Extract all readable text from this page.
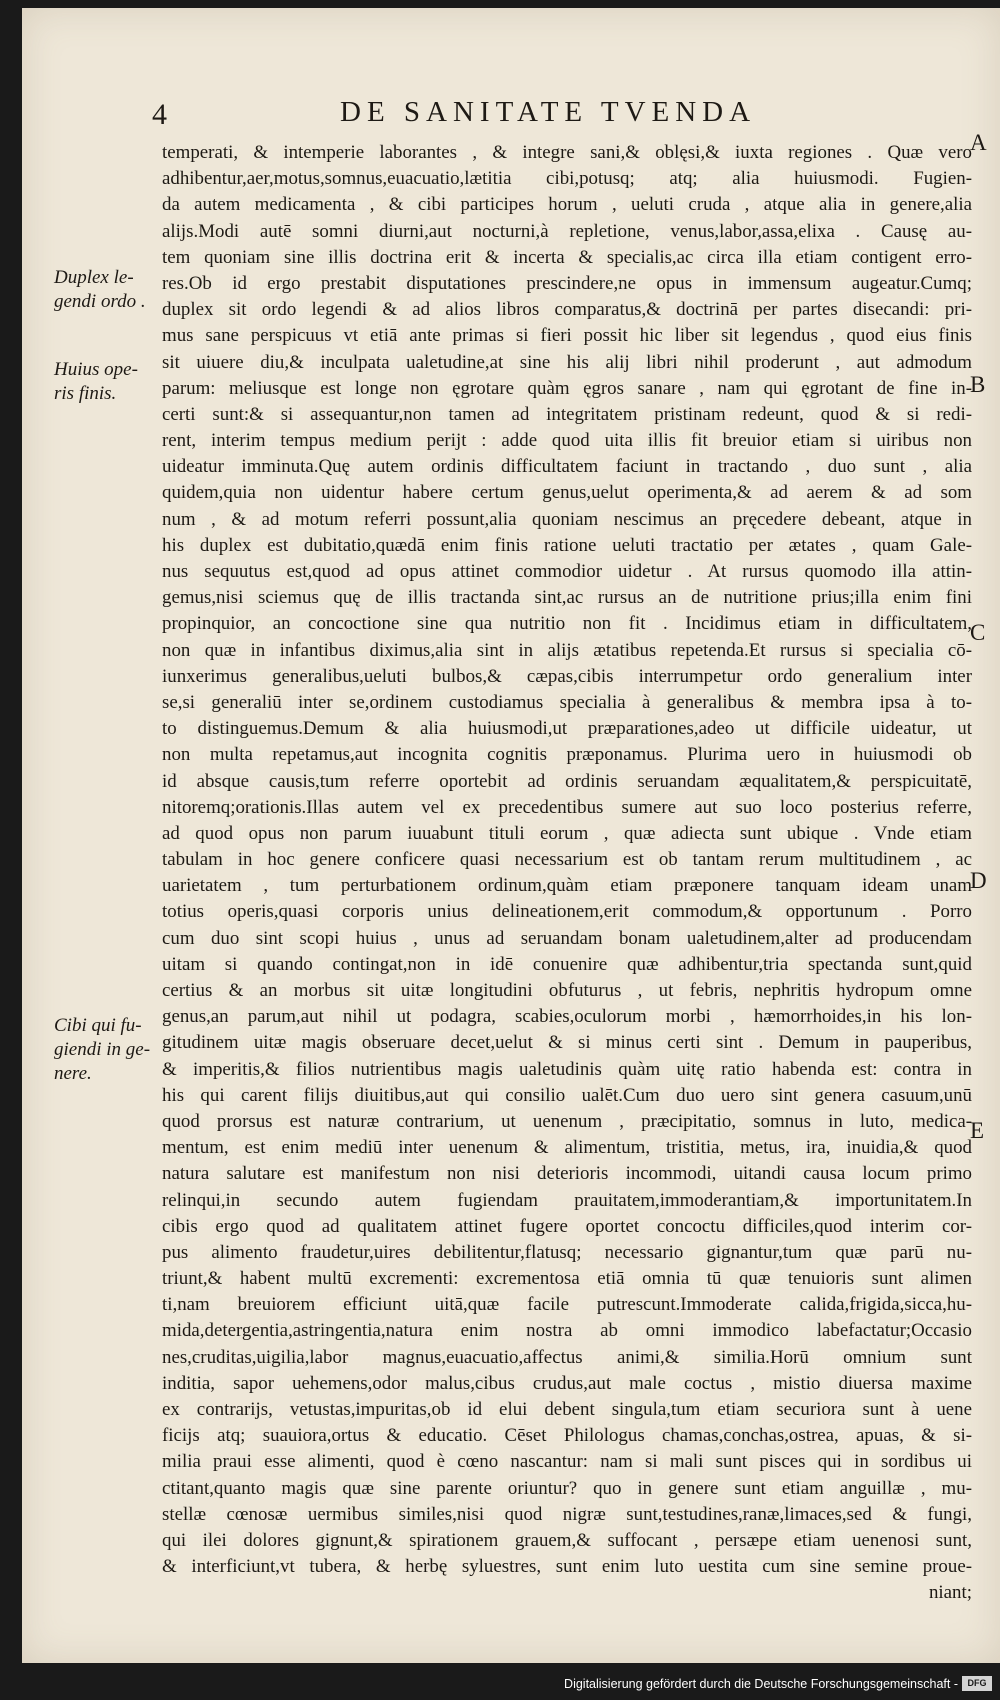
4	DE SANITATE TVENDA
temperati, & intemperie laborantes , & integre sani,& oblęsi,& iuxta regiones . Quæ vero
adhibentur,aer,motus,somnus,euacuatio,lætitia cibi,potusq; atq; alia huiusmodi. Fugien-
da autem medicamenta , & cibi participes horum , ueluti cruda , atque alia in genere,alia
alijs.Modi autē somni diurni,aut nocturni,à repletione, venus,labor,assa,elixa . Causę au-
tem quoniam sine illis doctrina erit & incerta & specialis,ac circa illa etiam contigent erro-
res.Ob id ergo prestabit disputationes prescindere,ne opus in immensum augeatur.Cumq;
duplex sit ordo legendi & ad alios libros comparatus,& doctrinā per partes disecandi: pri-
mus sane perspicuus vt etiā ante primas si fieri possit hic liber sit legendus , quod eius finis
sit uiuere diu,& inculpata ualetudine,at sine his alij libri nihil proderunt , aut admodum
parum: meliusque est longe non ęgrotare quàm ęgros sanare , nam qui ęgrotant de fine in-
certi sunt:& si assequantur,non tamen ad integritatem pristinam redeunt, quod & si redi-
rent, interim tempus medium perijt : adde quod uita illis fit breuior etiam si uiribus non
uideatur imminuta.Quę autem ordinis difficultatem faciunt in tractando , duo sunt , alia
quidem,quia non uidentur habere certum genus,uelut operimenta,& ad aerem & ad som
num , & ad motum referri possunt,alia quoniam nescimus an pręcedere debeant, atque in
his duplex est dubitatio,quædā enim finis ratione ueluti tractatio per ætates , quam Gale-
nus sequutus est,quod ad opus attinet commodior uidetur . At rursus quomodo illa attin-
gemus,nisi sciemus quę de illis tractanda sint,ac rursus an de nutritione prius;illa enim fini
propinquior, an concoctione sine qua nutritio non fit . Incidimus etiam in difficultatem,
non quæ in infantibus diximus,alia sint in alijs ætatibus repetenda.Et rursus si specialia cō-
iunxerimus generalibus,ueluti bulbos,& cæpas,cibis interrumpetur ordo generalium inter
se,si generaliū inter se,ordinem custodiamus specialia à generalibus & membra ipsa à to-
to distinguemus.Demum & alia huiusmodi,ut præparationes,adeo ut difficile uideatur, ut
non multa repetamus,aut incognita cognitis præponamus. Plurima uero in huiusmodi ob
id absque causis,tum referre oportebit ad ordinis seruandam æqualitatem,& perspicuitatē,
nitoremq;orationis.Illas autem vel ex precedentibus sumere aut suo loco posterius referre,
ad quod opus non parum iuuabunt tituli eorum , quæ adiecta sunt ubique . Vnde etiam
tabulam in hoc genere conficere quasi necessarium est ob tantam rerum multitudinem , ac
uarietatem , tum perturbationem ordinum,quàm etiam præponere tanquam ideam unam
totius operis,quasi corporis unius delineationem,erit commodum,& opportunum . Porro
cum duo sint scopi huius , unus ad seruandam bonam ualetudinem,alter ad producendam
uitam si quando contingat,non in idē conuenire quæ adhibentur,tria spectanda sunt,quid
certius & an morbus sit uitæ longitudini obfuturus , ut febris, nephritis hydropum omne
genus,an parum,aut nihil ut podagra, scabies,oculorum morbi , hæmorrhoides,in his lon-
gitudinem uitæ magis obseruare decet,uelut & si minus certi sint . Demum in pauperibus,
& imperitis,& filios nutrientibus magis ualetudinis quàm uitę ratio habenda est: contra in
his qui carent filijs diuitibus,aut qui consilio ualēt.Cum duo uero sint genera casuum,unū
quod prorsus est naturæ contrarium, ut uenenum , præcipitatio, somnus in luto, medica-
mentum, est enim mediū inter uenenum & alimentum, tristitia, metus, ira, inuidia,& quod
natura salutare est manifestum non nisi deterioris incommodi, uitandi causa locum primo
relinqui,in secundo autem fugiendam prauitatem,immoderantiam,& importunitatem.In
cibis ergo quod ad qualitatem attinet fugere oportet concoctu difficiles,quod interim cor-
pus alimento fraudetur,uires debilitentur,flatusq; necessario gignantur,tum quæ parū nu-
triunt,& habent multū excrementi: excrementosa etiā omnia tū quæ tenuioris sunt alimen
ti,nam breuiorem efficiunt uitā,quæ facile putrescunt.Immoderate calida,frigida,sicca,hu-
mida,detergentia,astringentia,natura enim nostra ab omni immodico labefactatur;Occasio
nes,cruditas,uigilia,labor magnus,euacuatio,affectus animi,& similia.Horū omnium sunt
inditia, sapor uehemens,odor malus,cibus crudus,aut male coctus , mistio diuersa maxime
ex contrarijs, vetustas,impuritas,ob id elui debent singula,tum etiam securiora sunt à uene
ficijs atq; suauiora,ortus & educatio. Cēset Philologus chamas,conchas,ostrea, apuas, & si-
milia praui esse alimenti, quod è cœno nascantur: nam si mali sunt pisces qui in sordibus ui
ctitant,quanto magis quæ sine parente oriuntur? quo in genere sunt etiam anguillæ , mu-
stellæ cœnosæ uermibus similes,nisi quod nigræ sunt,testudines,ranæ,limaces,sed & fungi,
qui ilei dolores gignunt,& spirationem grauem,& suffocant , persæpe etiam uenenosi sunt,
& interficiunt,vt tubera, & herbę syluestres, sunt enim luto uestita cum sine semine proue-
niant;
Duplex le-
gendi ordo .
Huius ope-
ris finis.
Cibi qui fu-
giendi in ge-
nere.
A
B
C
D
E
Digitalisierung gefördert durch die Deutsche Forschungsgemeinschaft -	DFG
